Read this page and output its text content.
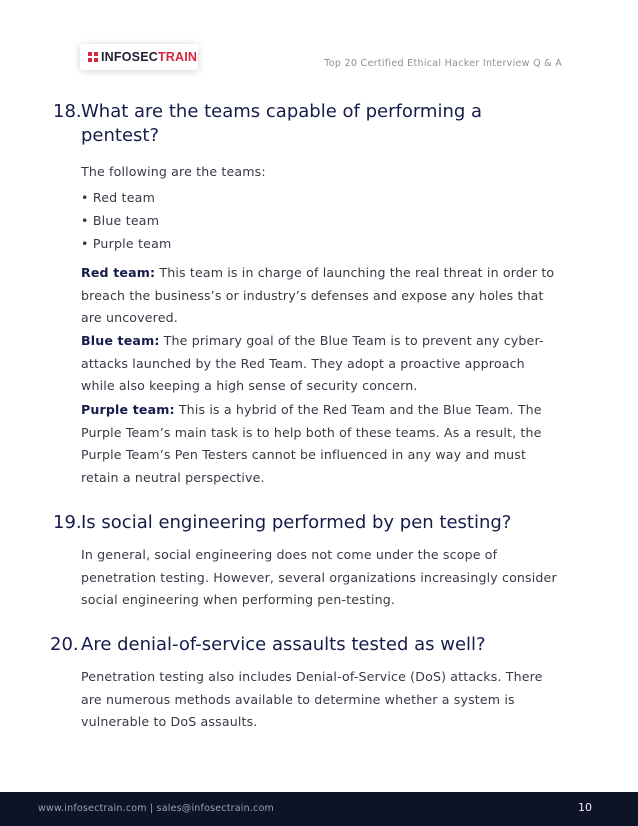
INFOSECTRAIN	Top 20 Certified Ethical Hacker Interview Q & A
18. What are the teams capable of performing a
pentest?
The following are the teams:
• Red team
• Blue team
• Purple team
Red team: This team is in charge of launching the real threat in order to breach the business’s or industry’s defenses and expose any holes that are uncovered.
Blue team: The primary goal of the Blue Team is to prevent any cyber-attacks launched by the Red Team. They adopt a proactive approach while also keeping a high sense of security concern.
Purple team: This is a hybrid of the Red Team and the Blue Team. The Purple Team’s main task is to help both of these teams. As a result, the Purple Team’s Pen Testers cannot be influenced in any way and must retain a neutral perspective.
19. Is social engineering performed by pen testing?
In general, social engineering does not come under the scope of penetration testing. However, several organizations increasingly consider social engineering when performing pen-testing.
20. Are denial-of-service assaults tested as well?
Penetration testing also includes Denial-of-Service (DoS) attacks. There are numerous methods available to determine whether a system is vulnerable to DoS assaults.
www.infosectrain.com | sales@infosectrain.com	10
